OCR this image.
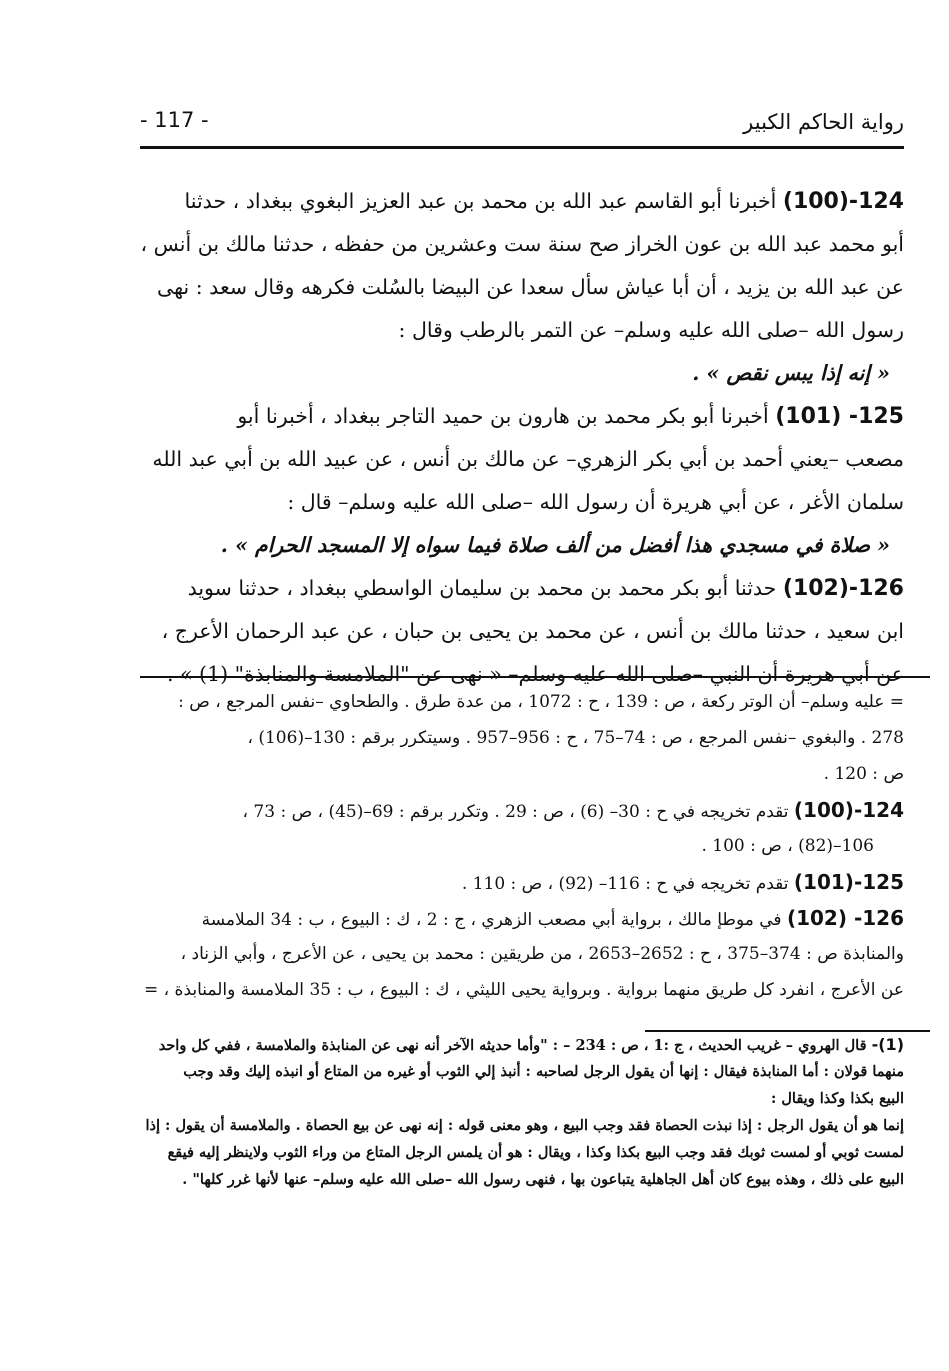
رواية الحاكم الكبير
- 117 -
124-(100) أخبرنا أبو القاسم عبد الله بن محمد بن عبد العزيز البغوي ببغداد ، حدثنا
أبو محمد عبد الله بن عون الخراز صح سنة ست وعشرين من حفظه ، حدثنا مالك بن أنس ،
عن عبد الله بن يزيد ، أن أبا عياش سأل سعدا عن البيضا بالسُلت فكرهه وقال سعد : نهى
رسول الله –صلى الله عليه وسلم– عن التمر بالرطب وقال :
« إنه إذا يبس نقص » .
125- (101) أخبرنا أبو بكر محمد بن هارون بن حميد التاجر ببغداد ، أخبرنا أبو
مصعب –يعني أحمد بن أبي بكر الزهري– عن مالك بن أنس ، عن عبيد الله بن أبي عبد الله
سلمان الأغر ، عن أبي هريرة أن رسول الله –صلى الله عليه وسلم– قال :
« صلاة في مسجدي هذا أفضل من ألف صلاة فيما سواه إلا المسجد الحرام » .
126-(102) حدثنا أبو بكر محمد بن محمد بن سليمان الواسطي ببغداد ، حدثنا سويد
ابن سعيد ، حدثنا مالك بن أنس ، عن محمد بن يحيى بن حبان ، عن عبد الرحمان الأعرج ،
عن أبي هريرة أن النبي –صلى الله عليه وسلم– « نهى عن "الملامسة والمنابذة" (1) » .
= عليه وسلم– أن الوتر ركعة ، ص : 139 ، ح : 1072 ، من عدة طرق . والطحاوي –نفس المرجع ، ص :
278 . والبغوي –نفس المرجع ، ص : 74–75 ، ح : 956–957 . وسيتكرر برقم : 130–(106) ،
ص : 120 .
124-(100) تقدم تخريجه في ح : 30– (6) ، ص : 29 . وتكرر برقم : 69–(45) ، ص : 73 ،
106–(82) ، ص : 100 .
125-(101) تقدم تخريجه في ح : 116– (92) ، ص : 110 .
126- (102) في موطإ مالك ، برواية أبي مصعب الزهري ، ج : 2 ، ك : البيوع ، ب : 34 الملامسة
والمنابذة ص : 374–375 ، ح : 2652–2653 ، من طريقين : محمد بن يحيى ، عن الأعرج ، وأبي الزناد ،
عن الأعرج ، انفرد كل طريق منهما برواية . وبرواية يحيى الليثي ، ك : البيوع ، ب : 35 الملامسة والمنابذة ، =
(1)- قال الهروي – غريب الحديث ، ج :1 ، ص : 234 – : "وأما حديثه الآخر أنه نهى عن المنابذة والملامسة ، ففي كل واحد
منهما قولان : أما المنابذة فيقال : إنها أن يقول الرجل لصاحبه : أنبذ إلي الثوب أو غيره من المتاع أو انبذه إليك وقد وجب
البيع بكذا وكذا ويقال :
إنما هو أن يقول الرجل : إذا نبذت الحصاة فقد وجب البيع ، وهو معنى قوله : إنه نهى عن بيع الحصاة . والملامسة أن يقول : إذا
لمست ثوبي أو لمست ثوبك فقد وجب البيع بكذا وكذا ، ويقال : هو أن يلمس الرجل المتاع من وراء الثوب ولاينظر إليه فيقع
البيع على ذلك ، وهذه بيوع كان أهل الجاهلية يتباعون بها ، فنهى رسول الله –صلى الله عليه وسلم– عنها لأنها غرر كلها" .
